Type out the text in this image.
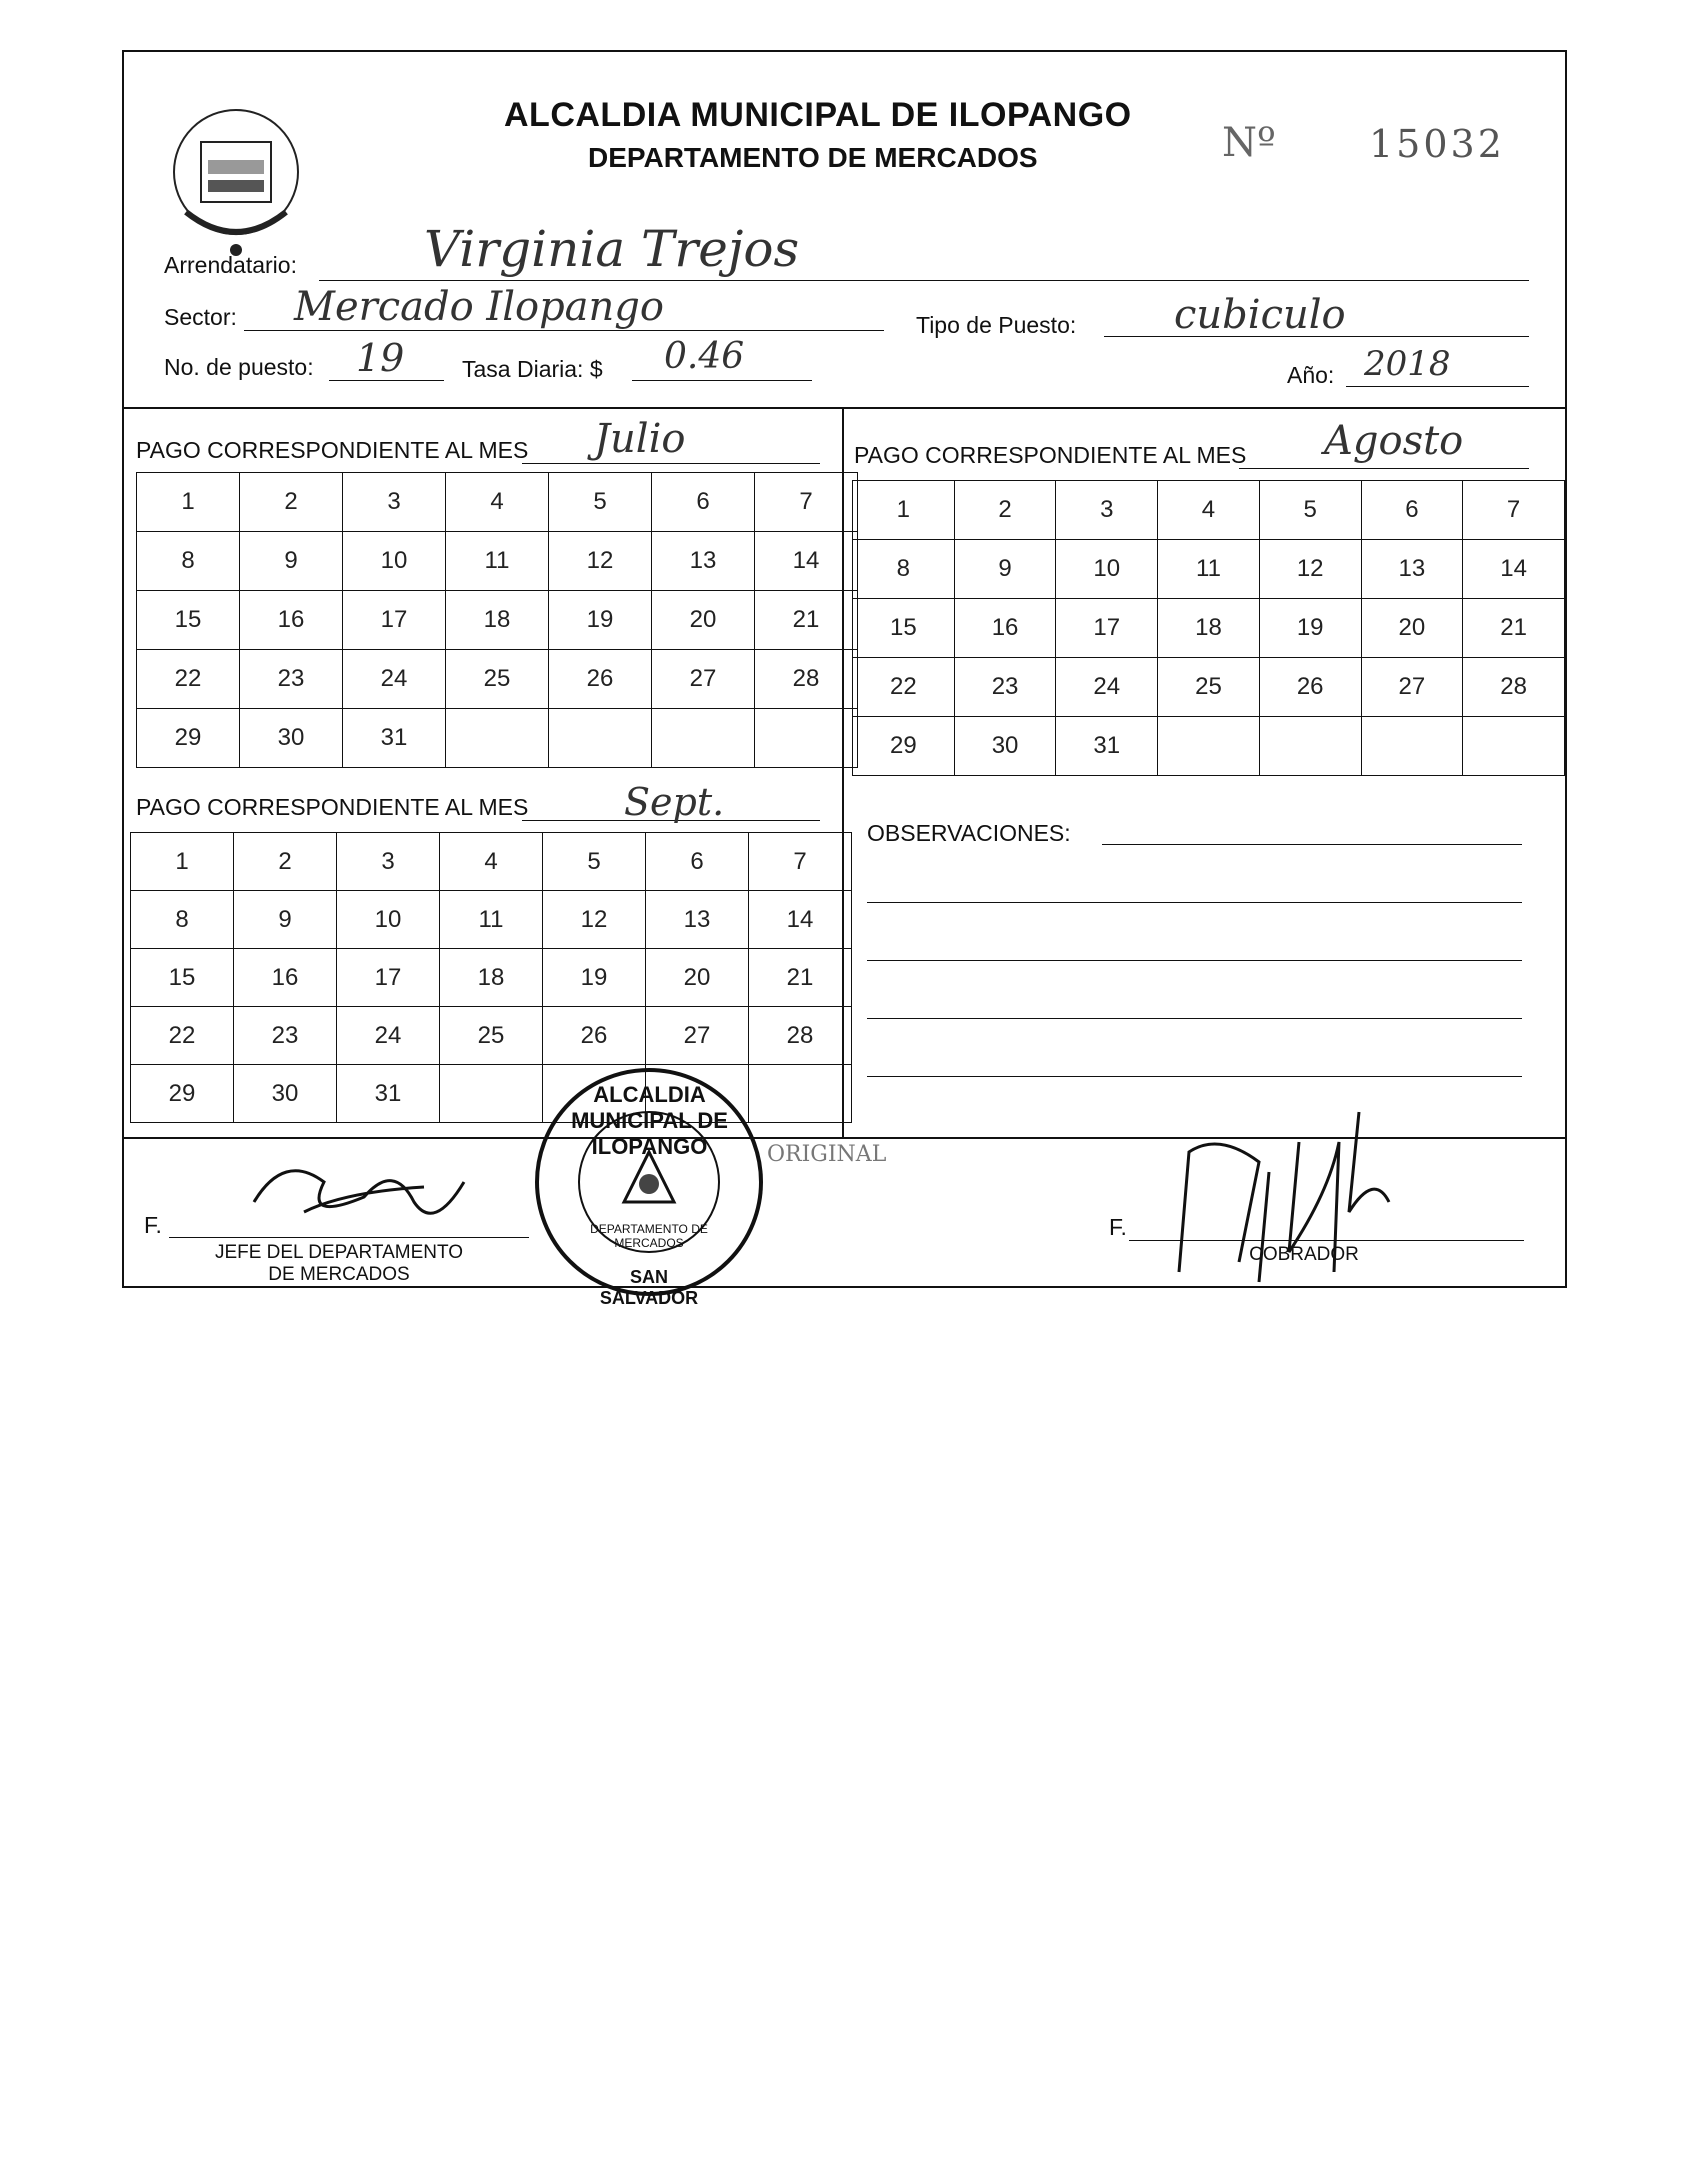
ALCALDIA MUNICIPAL DE ILOPANGO
DEPARTAMENTO DE MERCADOS	Nº 15032
Arrendatario:	Virginia Trejos
Sector: Mercado Ilopango	Tipo de Puesto: cubiculo
No. de puesto: 19	Tasa Diaria: $ 0.46	Año: 2018
PAGO CORRESPONDIENTE AL MES Julio
1	2	3	4	5	6	7
8	9	10	11	12	13	14
15	16	17	18	19	20	21
22	23	24	25	26	27	28
29	30	31				
PAGO CORRESPONDIENTE AL MES Agosto
1	2	3	4	5	6	7
8	9	10	11	12	13	14
15	16	17	18	19	20	21
22	23	24	25	26	27	28
29	30	31				
PAGO CORRESPONDIENTE AL MES	Sept.
1	2	3	4	5	6	7
8	9	10	11	12	13	14
15	16	17	18	19	20	21
22	23	24	25	26	27	28
29	30	31				
OBSERVACIONES:
F.
JEFE DEL DEPARTAMENTO
DE MERCADOS
F.
COBRADOR
ALCALDIA MUNICIPAL DE ILOPANGO
SAN SALVADOR
DEPARTAMENTO DE MERCADOS
ORIGINAL
